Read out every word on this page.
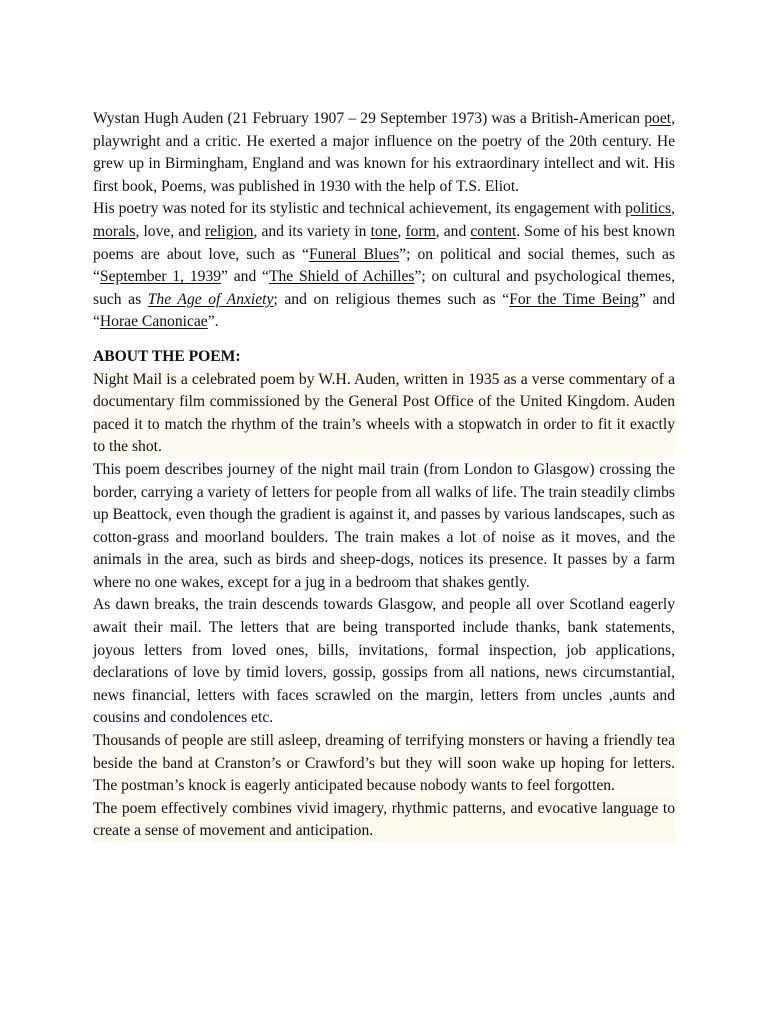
Wystan Hugh Auden (21 February 1907 – 29 September 1973) was a British-American poet, playwright and a critic. He exerted a major influence on the poetry of the 20th century. He grew up in Birmingham, England and was known for his extraordinary intellect and wit. His first book, Poems, was published in 1930 with the help of T.S. Eliot.

His poetry was noted for its stylistic and technical achievement, its engagement with politics, morals, love, and religion, and its variety in tone, form, and content. Some of his best known poems are about love, such as “Funeral Blues”; on political and social themes, such as “September 1, 1939” and “The Shield of Achilles”; on cultural and psychological themes, such as The Age of Anxiety; and on religious themes such as “For the Time Being” and “Horae Canonicae”.

ABOUT THE POEM:

Night Mail is a celebrated poem by W.H. Auden, written in 1935 as a verse commentary of a documentary film commissioned by the General Post Office of the United Kingdom. Auden paced it to match the rhythm of the train’s wheels with a stopwatch in order to fit it exactly to the shot.

This poem describes journey of the night mail train (from London to Glasgow) crossing the border, carrying a variety of letters for people from all walks of life. The train steadily climbs up Beattock, even though the gradient is against it, and passes by various landscapes, such as cotton-grass and moorland boulders. The train makes a lot of noise as it moves, and the animals in the area, such as birds and sheep-dogs, notices its presence. It passes by a farm where no one wakes, except for a jug in a bedroom that shakes gently.

As dawn breaks, the train descends towards Glasgow, and people all over Scotland eagerly await their mail. The letters that are being transported include thanks, bank statements, joyous letters from loved ones, bills, invitations, formal inspection, job applications, declarations of love by timid lovers, gossip, gossips from all nations, news circumstantial, news financial, letters with faces scrawled on the margin, letters from uncles ,aunts and cousins and condolences etc.

Thousands of people are still asleep, dreaming of terrifying monsters or having a friendly tea beside the band at Cranston’s or Crawford’s but they will soon wake up hoping for letters. The postman’s knock is eagerly anticipated because nobody wants to feel forgotten.

The poem effectively combines vivid imagery, rhythmic patterns, and evocative language to create a sense of movement and anticipation.
